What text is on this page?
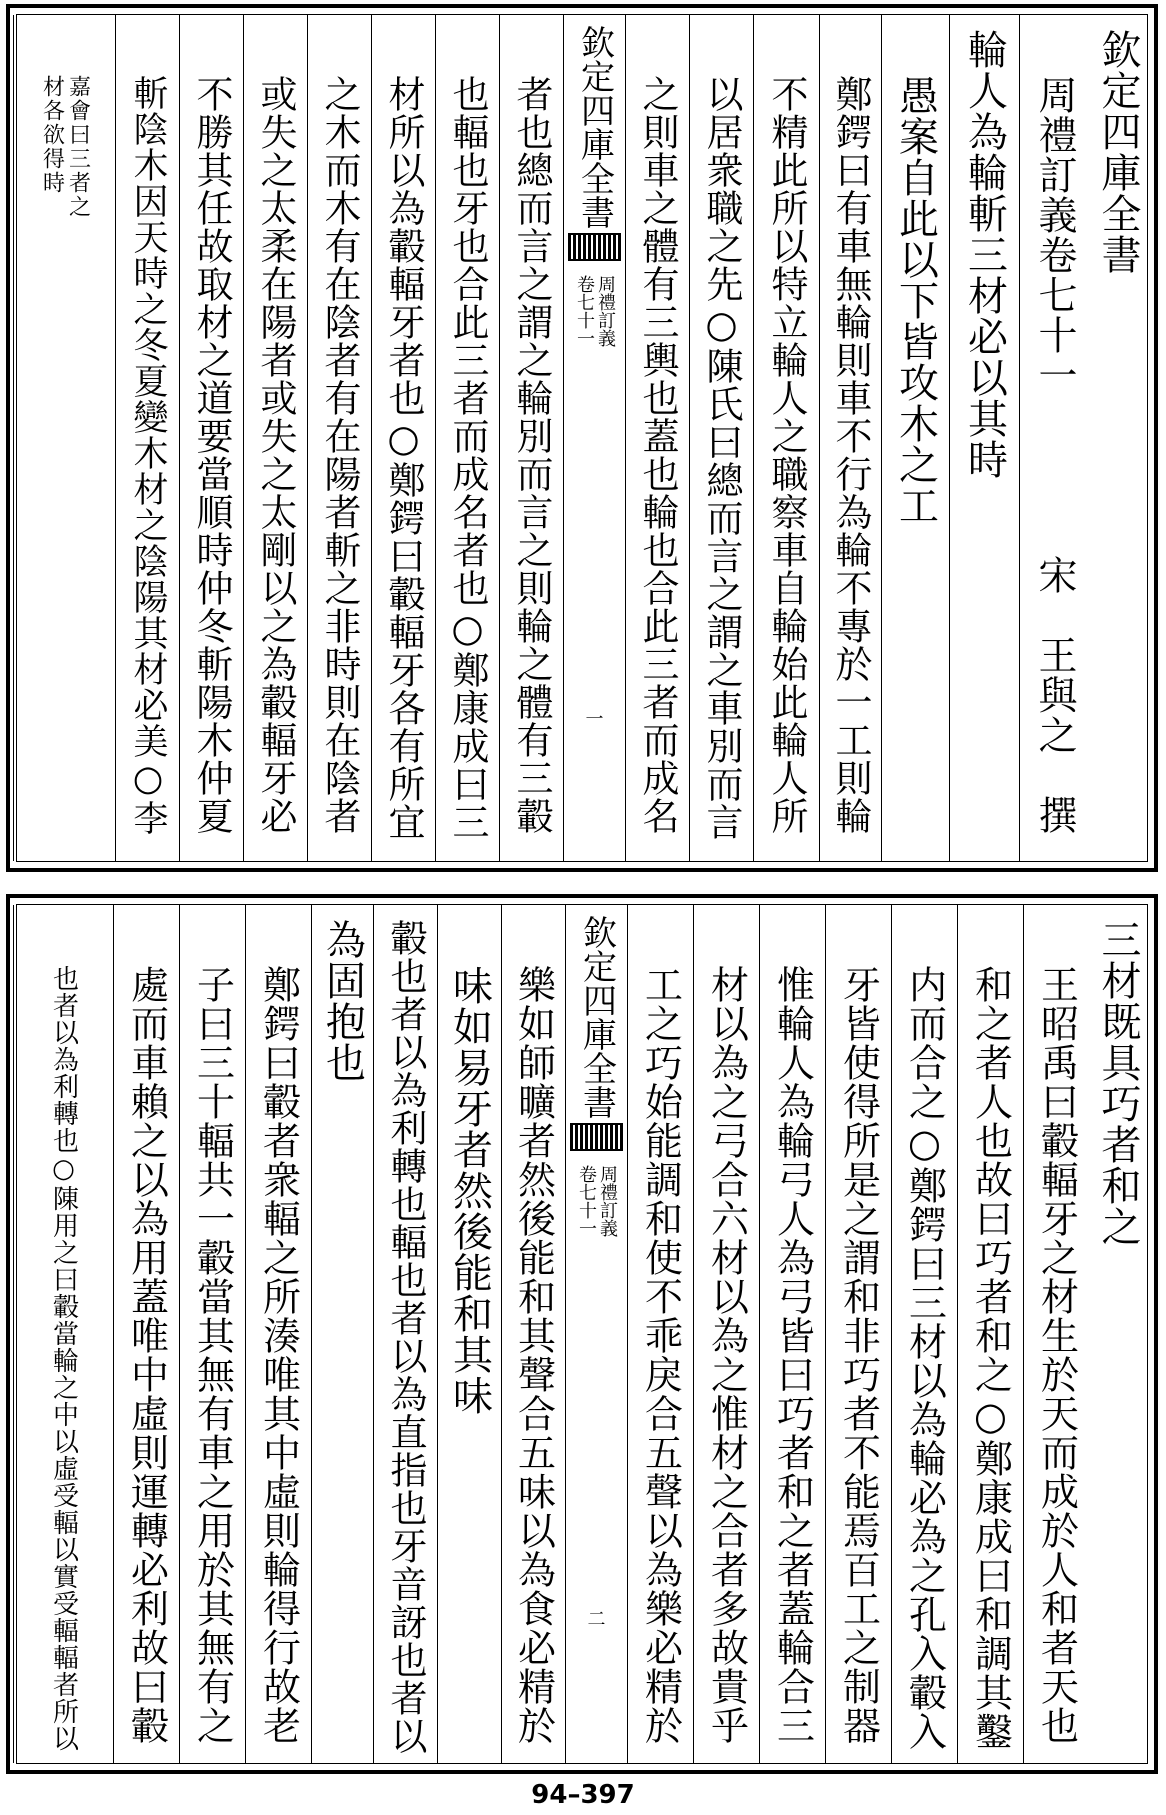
欽定四庫全書
周禮訂義卷七十一　　　　宋　王與之　撰
輪人為輪斬三材必以其時
愚案自此以下皆攻木之工
鄭鍔曰有車無輪則車不行為輪不專於一工則輪
不精此所以特立輪人之職察車自輪始此輪人所
以居衆職之先○陳氏曰總而言之謂之車別而言
之則車之體有三輿也蓋也輪也合此三者而成名
欽定四庫全書
周禮訂義
卷七十一
一
者也總而言之謂之輪別而言之則輪之體有三轂
也輻也牙也合此三者而成名者也○鄭康成曰三
材所以為轂輻牙者也○鄭鍔曰轂輻牙各有所宜
之木而木有在陰者有在陽者斬之非時則在陰者
或失之太柔在陽者或失之太剛以之為轂輻牙必
不勝其任故取材之道要當順時仲冬斬陽木仲夏
斬陰木因天時之冬夏變木材之陰陽其材必美○李
嘉會曰三者之
材各欲得時
三材既具巧者和之
王昭禹曰轂輻牙之材生於天而成於人和者天也
和之者人也故曰巧者和之○鄭康成曰和調其鑿
内而合之○鄭鍔曰三材以為輪必為之孔入轂入
牙皆使得所是之謂和非巧者不能焉百工之制器
惟輪人為輪弓人為弓皆曰巧者和之者蓋輪合三
材以為之弓合六材以為之惟材之合者多故貴乎
工之巧始能調和使不乖戾合五聲以為樂必精於
欽定四庫全書
周禮訂義
卷七十一
二
樂如師曠者然後能和其聲合五味以為食必精於
味如易牙者然後能和其味
轂也者以為利轉也輻也者以為直指也牙音訝也者以
為固抱也
鄭鍔曰轂者衆輻之所湊唯其中虛則輪得行故老
子曰三十輻共一轂當其無有車之用於其無有之
處而車賴之以為用蓋唯中虛則運轉必利故曰轂
也者以為利轉也○陳用之曰轂當輪之中以虛受輻以實受輻輻者所以
94–397
